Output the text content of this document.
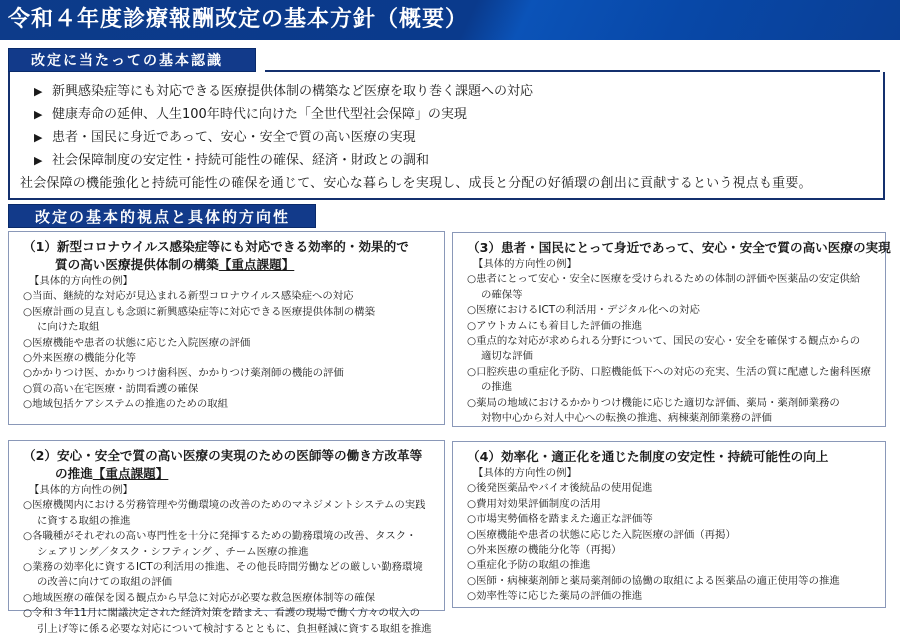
令和４年度診療報酬改定の基本方針（概要）
改定に当たっての基本認識
▶ 新興感染症等にも対応できる医療提供体制の構築など医療を取り巻く課題への対応
▶ 健康寿命の延伸、人生100年時代に向けた「全世代型社会保障」の実現
▶ 患者・国民に身近であって、安心・安全で質の高い医療の実現
▶ 社会保障制度の安定性・持続可能性の確保、経済・財政との調和
社会保障の機能強化と持続可能性の確保を通じて、安心な暮らしを実現し、成長と分配の好循環の創出に貢献するという視点も重要。
改定の基本的視点と具体的方向性
（1）新型コロナウイルス感染症等にも対応できる効率的・効果的で
質の高い医療提供体制の構築【重点課題】
【具体的方向性の例】
○当面、継続的な対応が見込まれる新型コロナウイルス感染症への対応
○医療計画の見直しも念頭に新興感染症等に対応できる医療提供体制の構築
に向けた取組
○医療機能や患者の状態に応じた入院医療の評価
○外来医療の機能分化等
○かかりつけ医、かかりつけ歯科医、かかりつけ薬剤師の機能の評価
○質の高い在宅医療・訪問看護の確保
○地域包括ケアシステムの推進のための取組
（3）患者・国民にとって身近であって、安心・安全で質の高い医療の実現
【具体的方向性の例】
○患者にとって安心・安全に医療を受けられるための体制の評価や医薬品の安定供給
の確保等
○医療におけるICTの利活用・デジタル化への対応
○アウトカムにも着目した評価の推進
○重点的な対応が求められる分野について、国民の安心・安全を確保する観点からの
適切な評価
○口腔疾患の重症化予防、口腔機能低下への対応の充実、生活の質に配慮した歯科医療
の推進
○薬局の地域におけるかかりつけ機能に応じた適切な評価、薬局・薬剤師業務の
対物中心から対人中心への転換の推進、病棟薬剤師業務の評価
（2）安心・安全で質の高い医療の実現のための医師等の働き方改革等
の推進【重点課題】
【具体的方向性の例】
○医療機関内における労務管理や労働環境の改善のためのマネジメントシステムの実践
に資する取組の推進
○各職種がそれぞれの高い専門性を十分に発揮するための勤務環境の改善、タスク・
シェアリング／タスク・シフティング 、チーム医療の推進
○業務の効率化に資するICTの利活用の推進、その他長時間労働などの厳しい勤務環境
の改善に向けての取組の評価
○地域医療の確保を図る観点から早急に対応が必要な救急医療体制等の確保
○令和３年11月に閣議決定された経済対策を踏まえ、看護の現場で働く方々の収入の
引上げ等に係る必要な対応について検討するとともに、負担軽減に資する取組を推進
（4）効率化・適正化を通じた制度の安定性・持続可能性の向上
【具体的方向性の例】
○後発医薬品やバイオ後続品の使用促進
○費用対効果評価制度の活用
○市場実勢価格を踏まえた適正な評価等
○医療機能や患者の状態に応じた入院医療の評価（再掲）
○外来医療の機能分化等（再掲）
○重症化予防の取組の推進
○医師・病棟薬剤師と薬局薬剤師の協働の取組による医薬品の適正使用等の推進
○効率性等に応じた薬局の評価の推進
